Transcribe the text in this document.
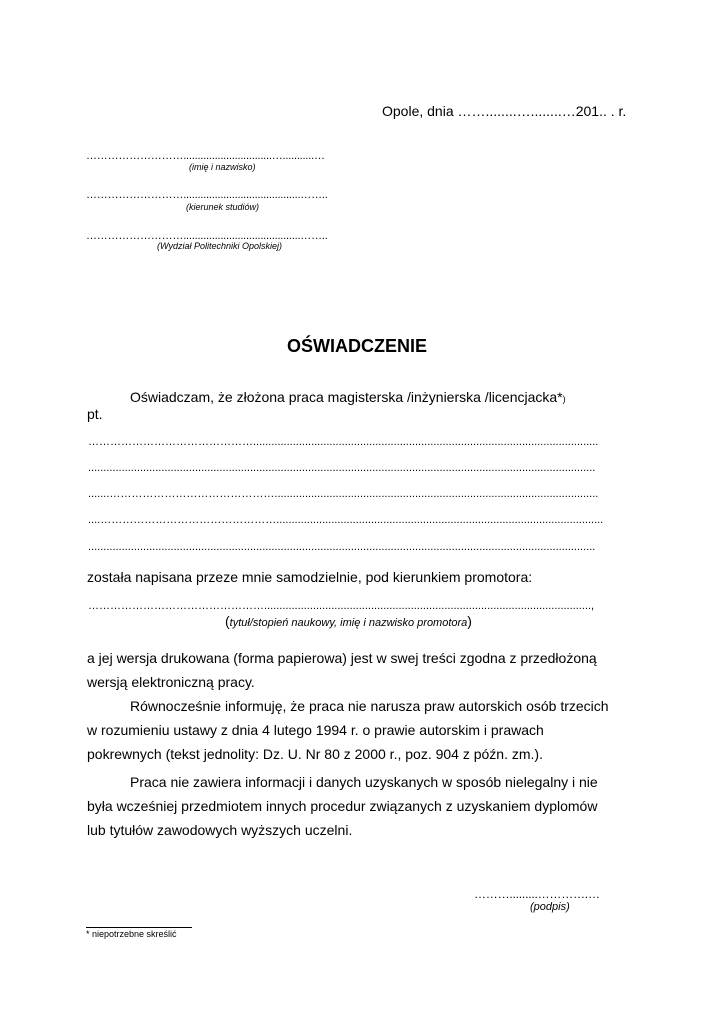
Opole, dnia ……........…........…201.. . r.
………………………...............................…...........…
(imię i nazwisko)
……………………….........................................……..
(kierunek studiów)
……………………….........................................……..
(Wydział Politechniki Opolskiej)
OŚWIADCZENIE
Oświadczam, że złożona praca magisterska /inżynierska /licencjacka*)
pt.
……………………………………….................................................................................................................
......................................................................................................................................................................
.......………………………………………..........................................................................................................
....…………………………………………...........................................................................................................
......................................................................................................................................................................
została napisana przeze mnie samodzielnie, pod kierunkiem promotora:
…………………………………………...........................................................................................................,
(tytuł/stopień naukowy, imię i nazwisko promotora)
a jej wersja drukowana (forma papierowa) jest w swej treści zgodna z przedłożoną
wersją elektroniczną pracy.
Równocześnie informuję, że praca nie narusza praw autorskich osób trzecich
w rozumieniu ustawy z dnia 4 lutego 1994 r. o prawie autorskim i prawach
pokrewnych (tekst jednolity: Dz. U. Nr 80 z 2000 r., poz. 904 z późn. zm.).
Praca nie zawiera informacji i danych uzyskanych w sposób nielegalny i nie
była wcześniej przedmiotem innych procedur związanych z uzyskaniem dyplomów
lub tytułów zawodowych wyższych uczelni.
……….........………….…
(podpis)
* niepotrzebne skreślić
